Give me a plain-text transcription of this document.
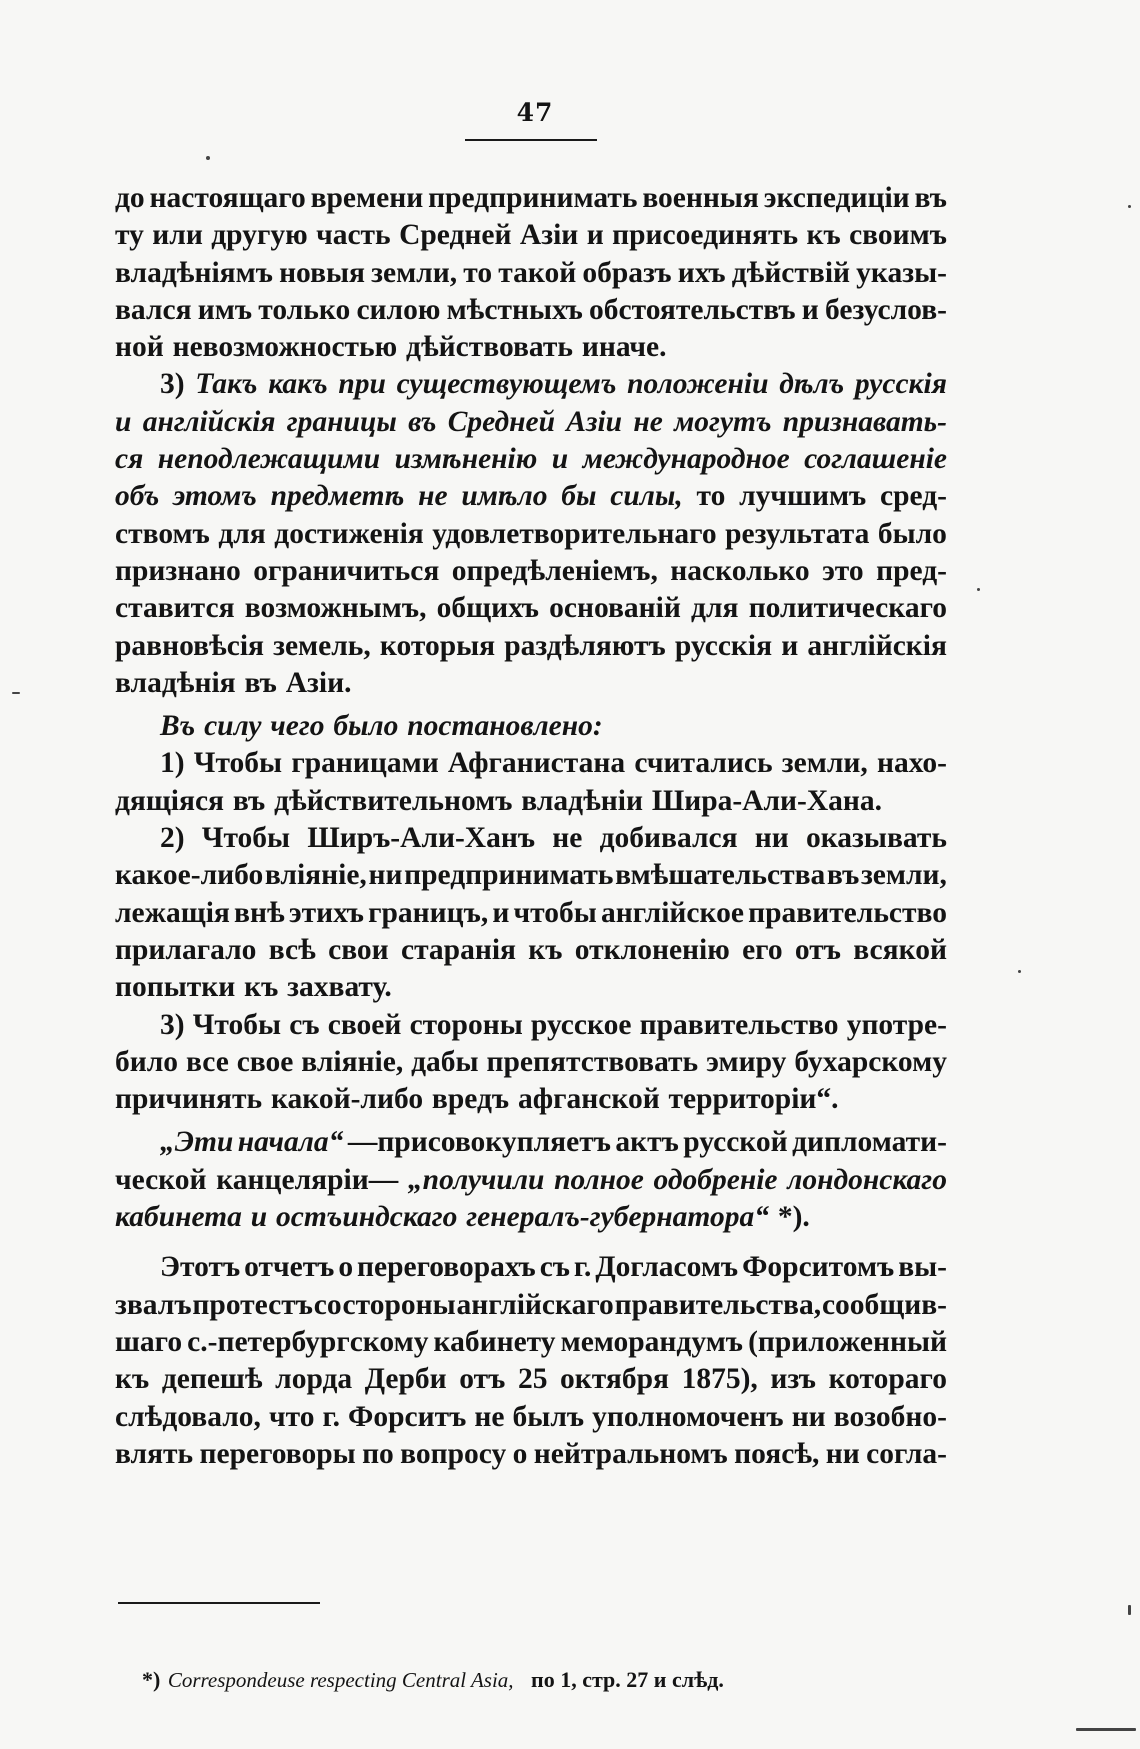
47
до настоящаго времени предпринимать военныя экспедиціи въ
ту или другую часть Средней Азіи и присоединять къ своимъ
владѣніямъ новыя земли, то такой образъ ихъ дѣйствій указы-
вался имъ только силою мѣстныхъ обстоятельствъ и безуслов-
ной невозможностью дѣйствовать иначе.
3) Такъ какъ при существующемъ положеніи дѣлъ русскія
и англійскія границы въ Средней Азіи не могутъ признавать-
ся неподлежащими измѣненію и международное соглашеніе
объ этомъ предметѣ не имѣло бы силы, то лучшимъ сред-
ствомъ для достиженія удовлетворительнаго результата было
признано ограничиться опредѣленіемъ, насколько это пред-
ставится возможнымъ, общихъ основаній для политическаго
равновѣсія земель, которыя раздѣляютъ русскія и англійскія
владѣнія въ Азіи.
Въ силу чего было постановлено:
1) Чтобы границами Афганистана считались земли, нахо-
дящіяся въ дѣйствительномъ владѣніи Шира-Али-Хана.
2) Чтобы Ширъ-Али-Ханъ не добивался ни оказывать
какое-либо вліяніе, ни предпринимать вмѣшательства въ земли,
лежащія внѣ этихъ границъ, и чтобы англійское правительство
прилагало всѣ свои старанія къ отклоненію его отъ всякой
попытки къ захвату.
3) Чтобы съ своей стороны русское правительство употре-
било все свое вліяніе, дабы препятствовать эмиру бухарскому
причинять какой-либо вредъ афганской территоріи“.
„Эти начала“ —присовокупляетъ актъ русской дипломати-
ческой канцеляріи— „получили полное одобреніе лондонскаго
кабинета и остъиндскаго генералъ-губернатора“ *).
Этотъ отчетъ о переговорахъ съ г. Догласомъ Форситомъ вы-
звалъ протестъ со стороны англійскаго правительства, сообщив-
шаго с.-петербургскому кабинету меморандумъ (приложенный
къ депешѣ лорда Дерби отъ 25 октября 1875), изъ котораго
слѣдовало, что г. Форситъ не былъ уполномоченъ ни возобно-
влять переговоры по вопросу о нейтральномъ поясѣ, ни согла-
*) Correspondeuse respecting Central Asia, по 1, стр. 27 и слѣд.
